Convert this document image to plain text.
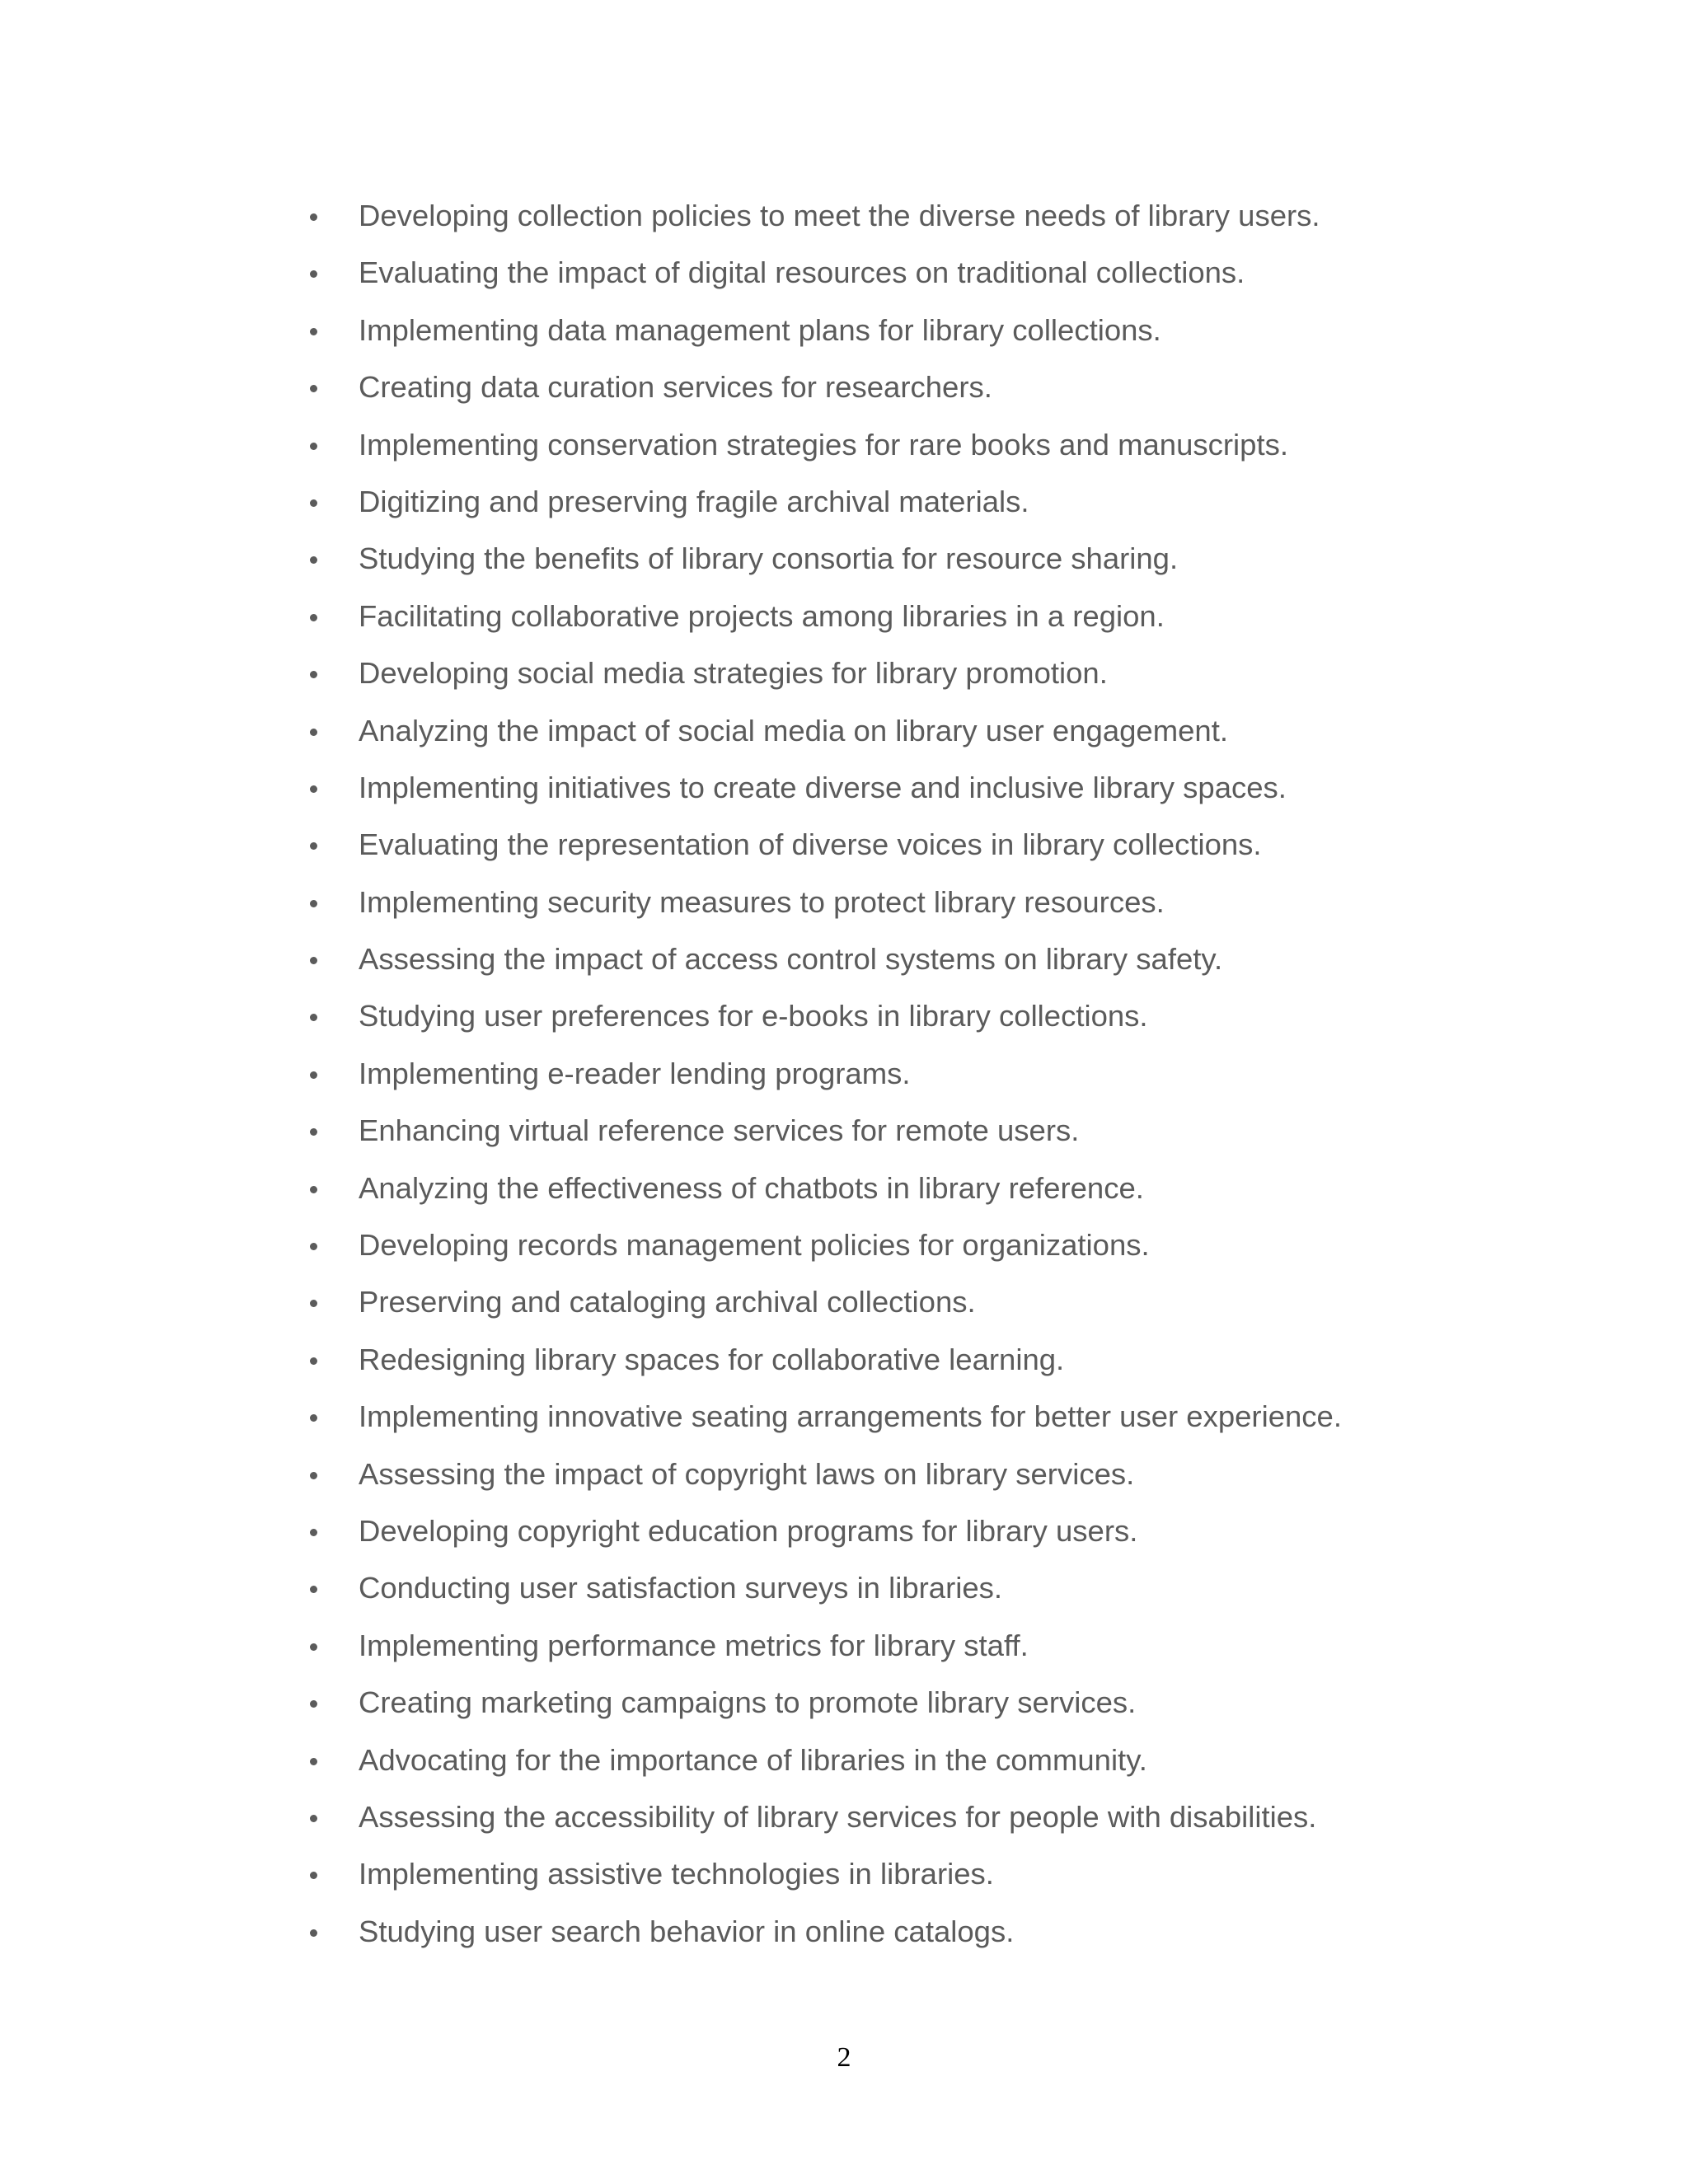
Developing collection policies to meet the diverse needs of library users.
Evaluating the impact of digital resources on traditional collections.
Implementing data management plans for library collections.
Creating data curation services for researchers.
Implementing conservation strategies for rare books and manuscripts.
Digitizing and preserving fragile archival materials.
Studying the benefits of library consortia for resource sharing.
Facilitating collaborative projects among libraries in a region.
Developing social media strategies for library promotion.
Analyzing the impact of social media on library user engagement.
Implementing initiatives to create diverse and inclusive library spaces.
Evaluating the representation of diverse voices in library collections.
Implementing security measures to protect library resources.
Assessing the impact of access control systems on library safety.
Studying user preferences for e-books in library collections.
Implementing e-reader lending programs.
Enhancing virtual reference services for remote users.
Analyzing the effectiveness of chatbots in library reference.
Developing records management policies for organizations.
Preserving and cataloging archival collections.
Redesigning library spaces for collaborative learning.
Implementing innovative seating arrangements for better user experience.
Assessing the impact of copyright laws on library services.
Developing copyright education programs for library users.
Conducting user satisfaction surveys in libraries.
Implementing performance metrics for library staff.
Creating marketing campaigns to promote library services.
Advocating for the importance of libraries in the community.
Assessing the accessibility of library services for people with disabilities.
Implementing assistive technologies in libraries.
Studying user search behavior in online catalogs.
2
